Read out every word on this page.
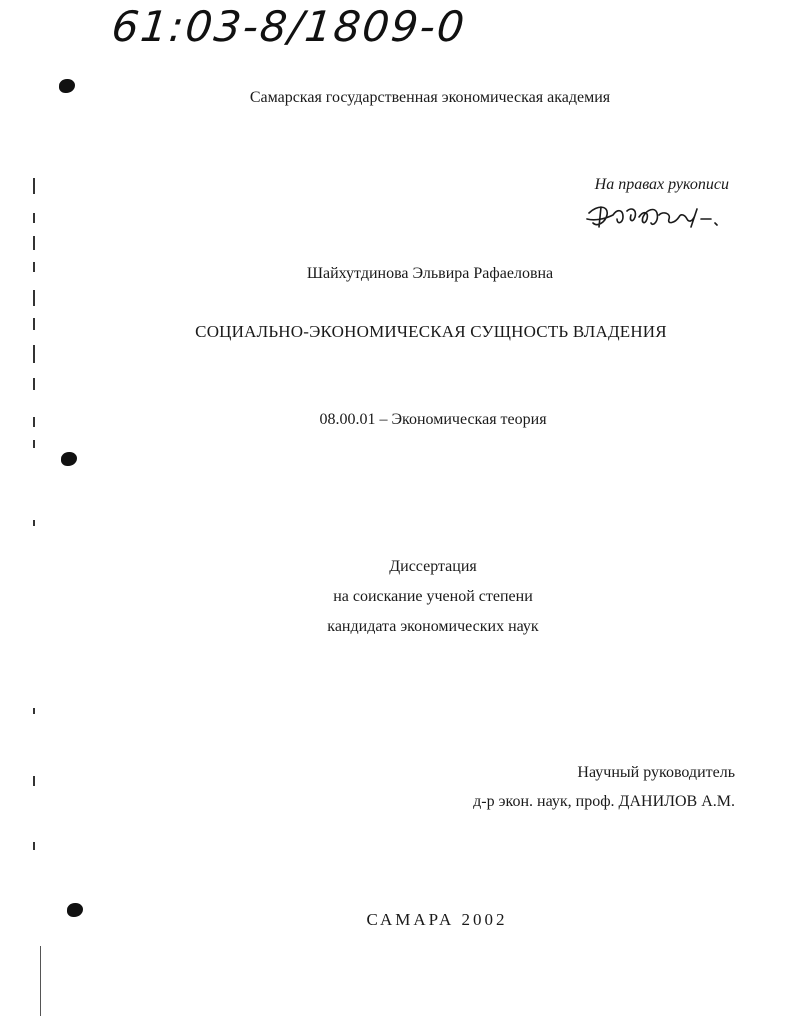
61:03-8/1809-0
Самарская государственная экономическая академия
На правах рукописи
Шайхутдинова Эльвира Рафаеловна
СОЦИАЛЬНО-ЭКОНОМИЧЕСКАЯ СУЩНОСТЬ ВЛАДЕНИЯ
08.00.01 – Экономическая теория
Диссертация
на соискание ученой степени
кандидата экономических наук
Научный руководитель
д-р экон. наук, проф. ДАНИЛОВ А.М.
САМАРА 2002
